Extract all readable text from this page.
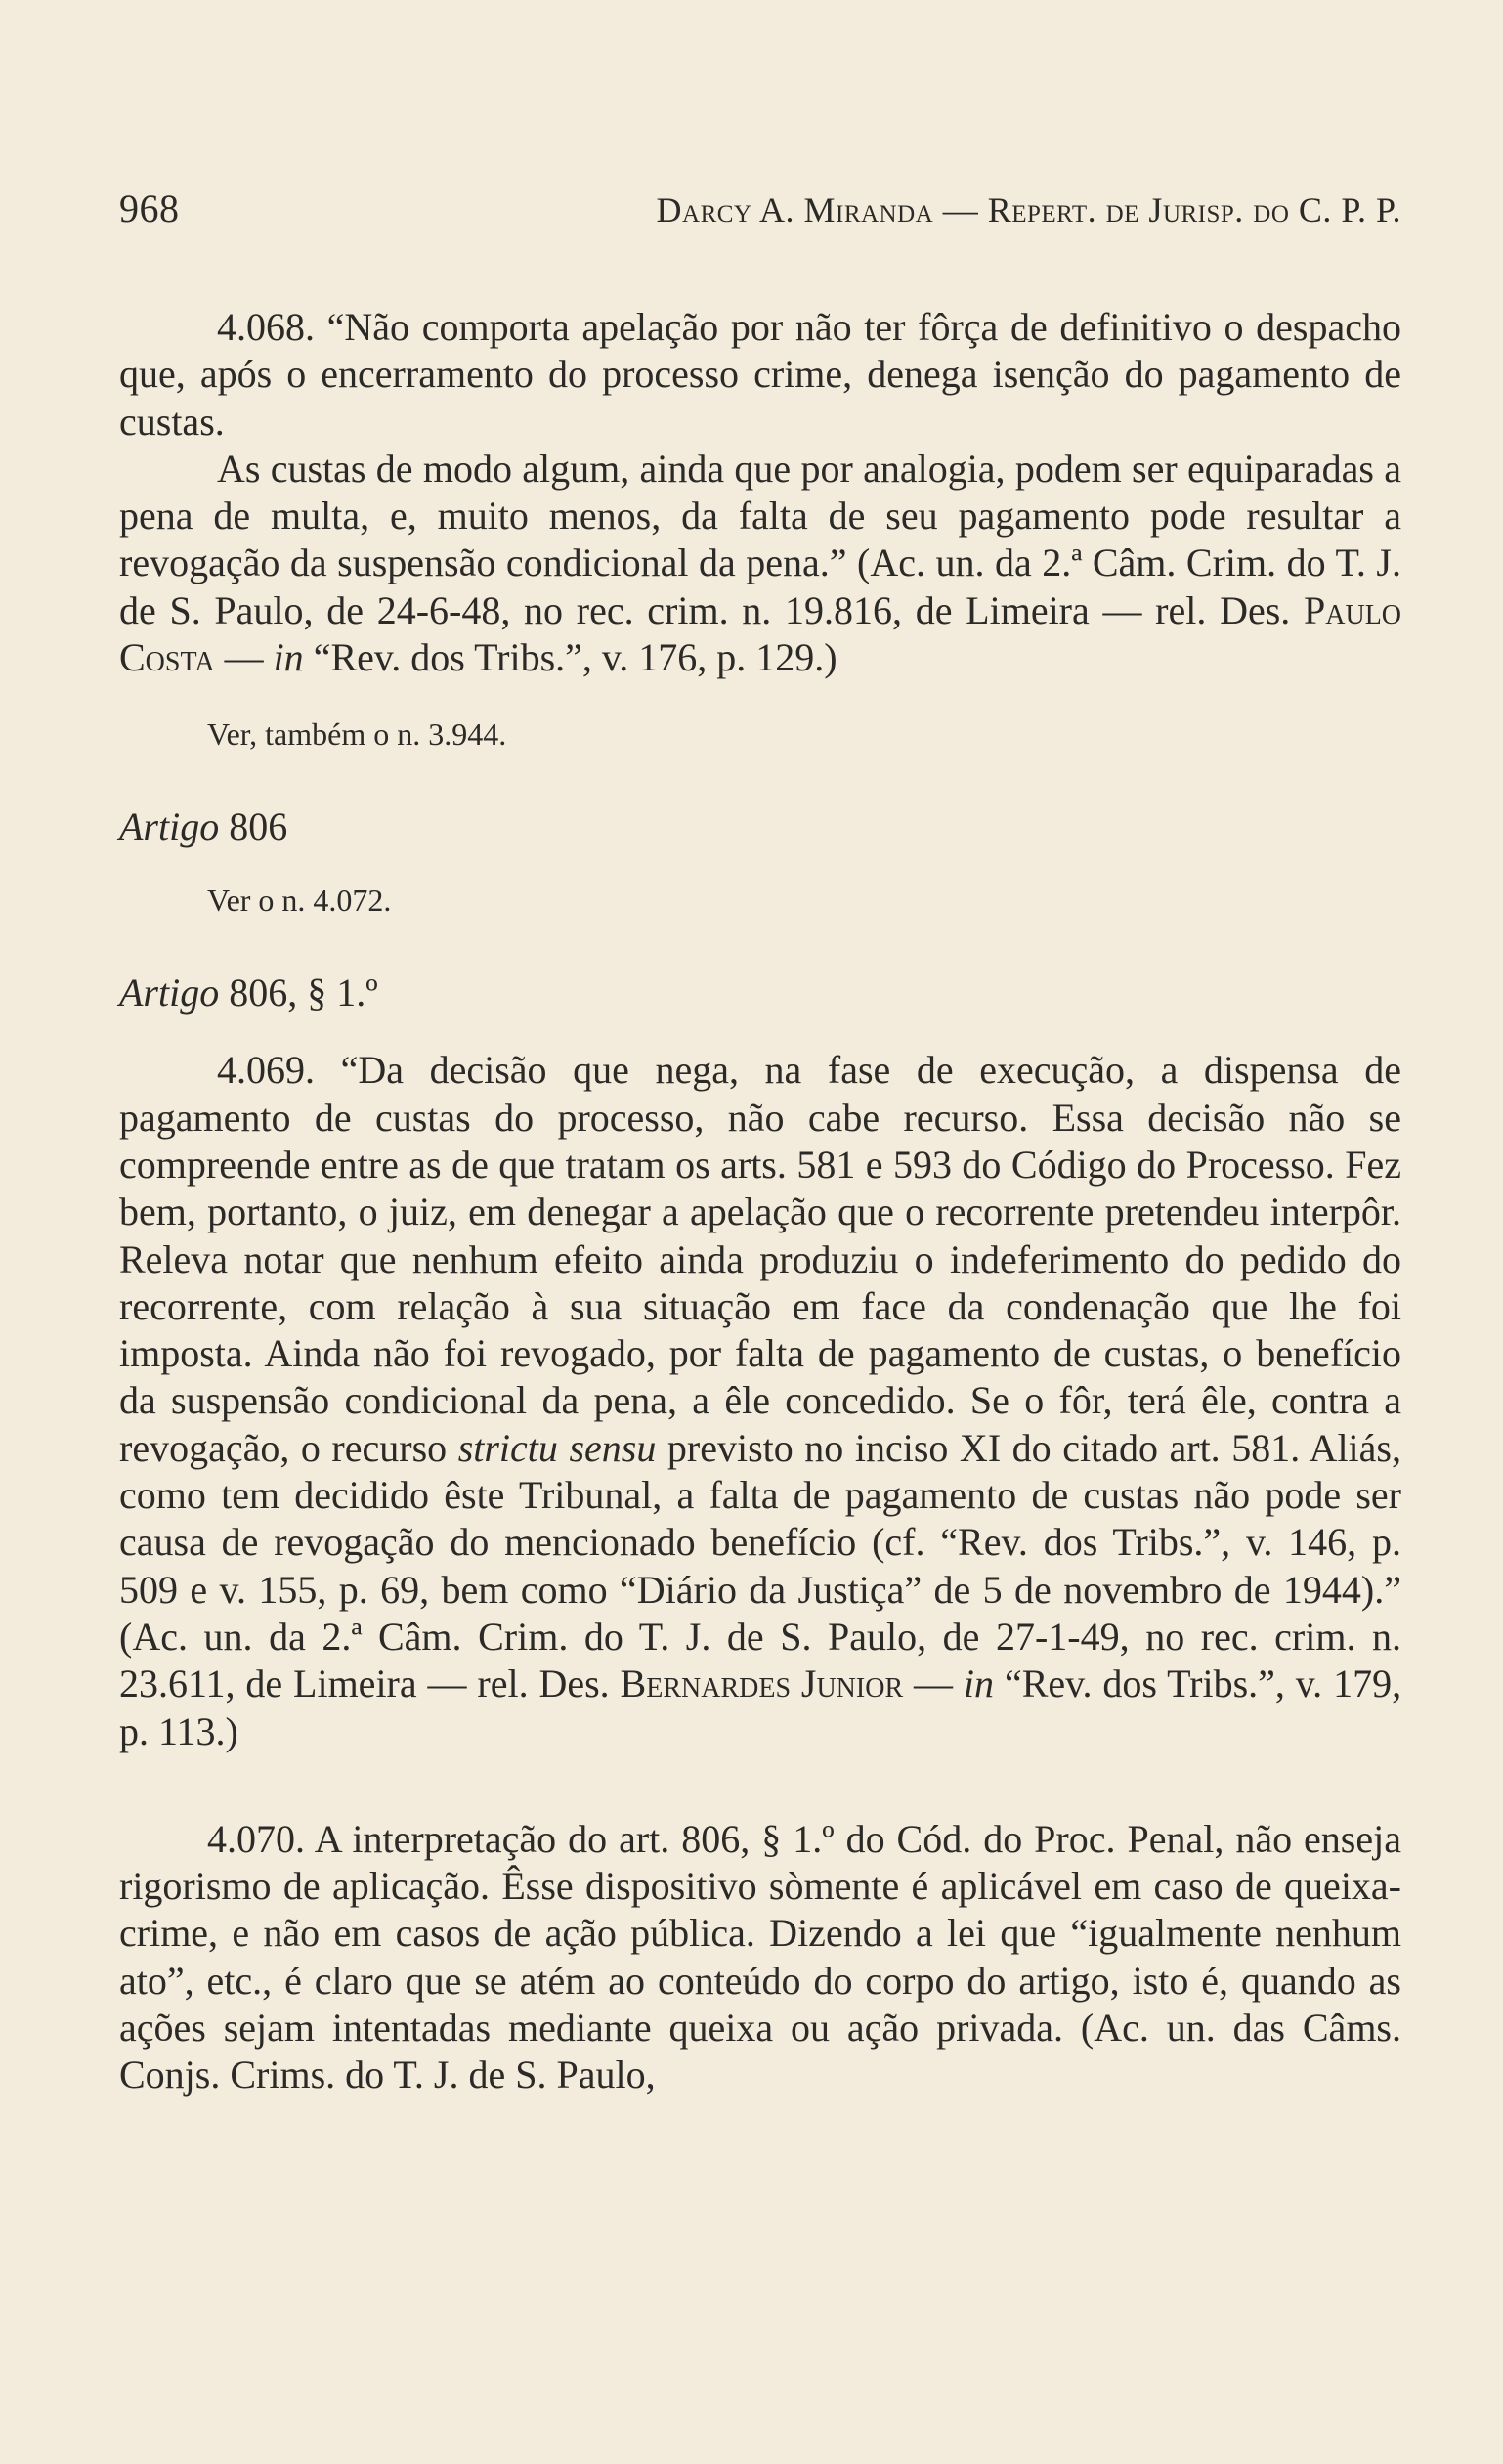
968	Darcy A. Miranda — Repert. de Jurisp. do C. P. P.

4.068. “Não comporta apelação por não ter fôrça de definitivo o despacho que, após o encerramento do processo crime, denega isenção do pagamento de custas.

As custas de modo algum, ainda que por analogia, podem ser equiparadas a pena de multa, e, muito menos, da falta de seu pagamento pode resultar a revogação da suspensão condicional da pena.” (Ac. un. da 2.ª Câm. Crim. do T. J. de S. Paulo, de 24-6-48, no rec. crim. n. 19.816, de Limeira — rel. Des. Paulo Costa — in “Rev. dos Tribs.”, v. 176, p. 129.)

Ver, também o n. 3.944.
Artigo 806
Ver o n. 4.072.
Artigo 806, § 1.º

4.069. “Da decisão que nega, na fase de execução, a dispensa de pagamento de custas do processo, não cabe recurso. Essa decisão não se compreende entre as de que tratam os arts. 581 e 593 do Código do Processo. Fez bem, portanto, o juiz, em denegar a apelação que o recorrente pretendeu interpôr. Releva notar que nenhum efeito ainda produziu o indeferimento do pedido do recorrente, com relação à sua situação em face da condenação que lhe foi imposta. Ainda não foi revogado, por falta de pagamento de custas, o benefício da suspensão condicional da pena, a êle concedido. Se o fôr, terá êle, contra a revogação, o recurso strictu sensu previsto no inciso XI do citado art. 581. Aliás, como tem decidido êste Tribunal, a falta de pagamento de custas não pode ser causa de revogação do mencionado benefício (cf. “Rev. dos Tribs.”, v. 146, p. 509 e v. 155, p. 69, bem como “Diário da Justiça” de 5 de novembro de 1944).” (Ac. un. da 2.ª Câm. Crim. do T. J. de S. Paulo, de 27-1-49, no rec. crim. n. 23.611, de Limeira — rel. Des. Bernardes Junior — in “Rev. dos Tribs.”, v. 179, p. 113.)

4.070. A interpretação do art. 806, § 1.º do Cód. do Proc. Penal, não enseja rigorismo de aplicação. Êsse dispositivo sòmente é aplicável em caso de queixa-crime, e não em casos de ação pública. Dizendo a lei que “igualmente nenhum ato”, etc., é claro que se atém ao conteúdo do corpo do artigo, isto é, quando as ações sejam intentadas mediante queixa ou ação privada. (Ac. un. das Câms. Conjs. Crims. do T. J. de S. Paulo,
